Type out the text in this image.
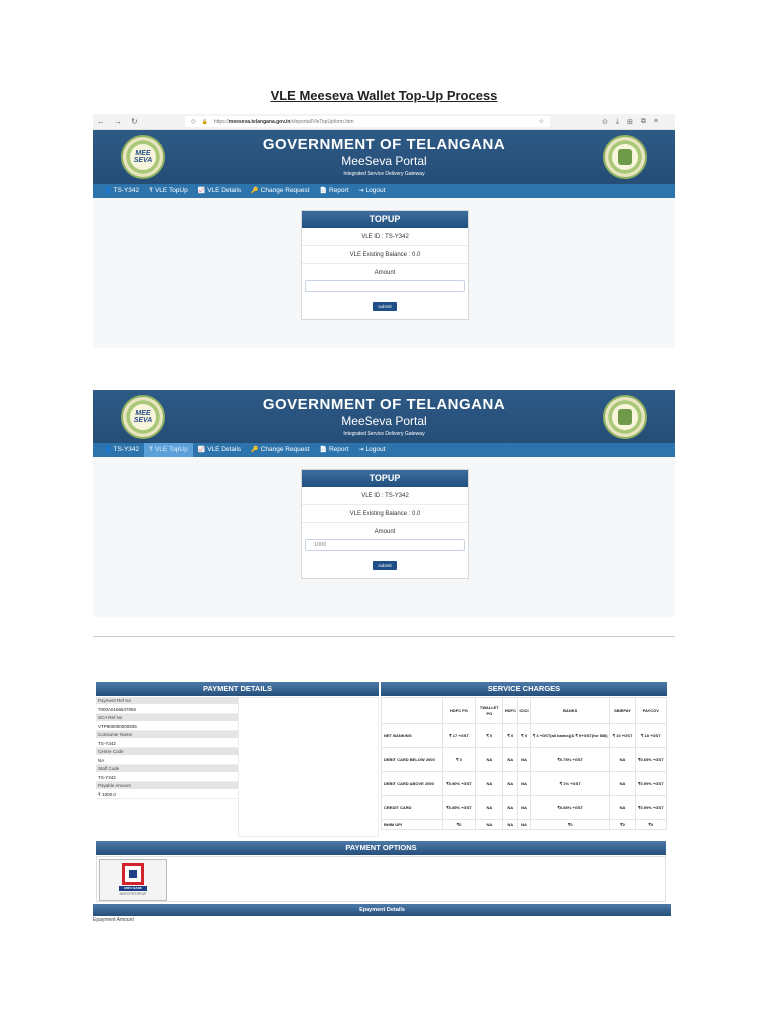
VLE Meeseva Wallet Top-Up Process
← → ↻	◇ 🔒 https://meeseva.telangana.gov.in/vleportal/VleTopUpform.htm	☆	⊙ ⤓ ⊞ ⧉ ≡
MEE SEVA
GOVERNMENT OF TELANGANA
MeeSeva Portal
Integrated Service Delivery Gateway
👤 TS-Y342	₹ VLE TopUp	📈 VLE Details	🔑 Change Request	📄 Report	⇥ Logout
TOPUP
VLE ID : TS-Y342
VLE Existing Balance : 0.0
Amount
submit
MEE SEVA
GOVERNMENT OF TELANGANA
MeeSeva Portal
Integrated Service Delivery Gateway
👤 TS-Y342	₹ VLE TopUp	📈 VLE Details	🔑 Change Request	📄 Report	⇥ Logout
TOPUP
VLE ID : TS-Y342
VLE Existing Balance : 0.0
Amount
1000
submit
PAYMENT DETAILS
Payment Ref No
7000A0166547092
SCA Ref No
VTP800000000935
Consumer Name
TS-Y342
Centre Code
NA
Staff Code
TS-Y342
Payable Amount
₹ 1000.0
SERVICE CHARGES
	HDFC PG	TWALLET PG	HDFC	ICICI	BANKS	SBIEPAY	PAYCOV
NET BANKING	₹ 17 +GST	₹ 0	₹ 0	₹ 0	₹ 4 +GST(all banks)(& ₹ 9+GST(for SBI)	₹ 10 +GST	₹ 18 +GST
DEBIT CARD BELOW 2000	₹ 0	NA	NA	NA	₹0.75% +GST	NA	₹0.65% +GST
DEBIT CARD ABOVE 2000	₹0.90% +GST	NA	NA	NA	₹ 1% +GST	NA	₹0.99% +GST
CREDIT CARD	₹0.85% +GST	NA	NA	NA	₹0.85% +GST	NA	₹0.99% +GST
BHIM UPI	₹0	NA	NA	NA	₹0	₹0	₹0
PAYMENT OPTIONS
HDFC BANK
HDFCPGTOPUP
Epayment Details
Epayment Amount
